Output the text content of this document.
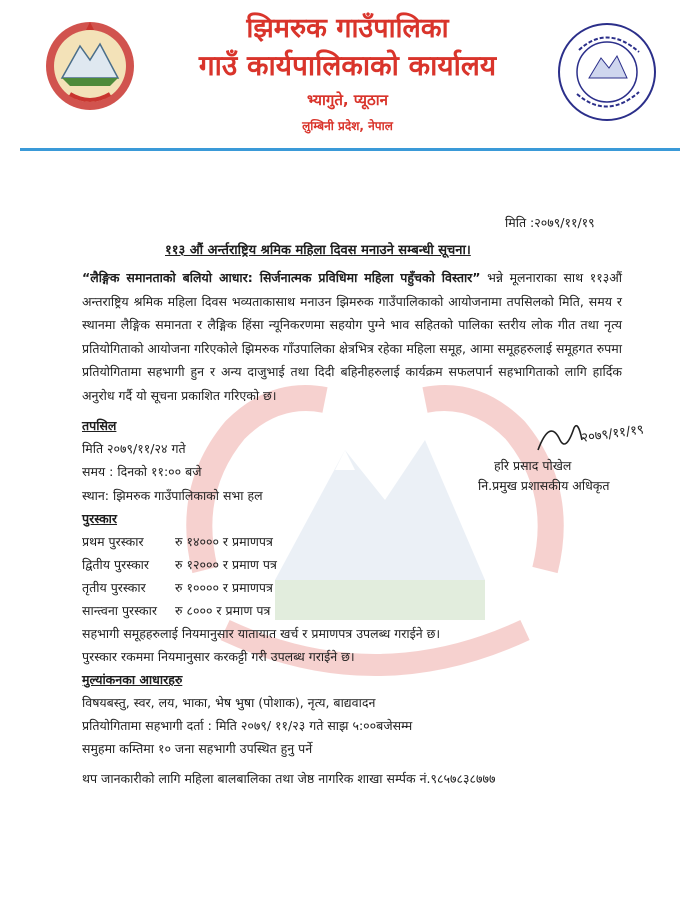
झिमरुक गाउँपालिका
गाउँ कार्यपालिकाको कार्यालय
भ्यागुते, प्यूठान
लुम्बिनी प्रदेश, नेपाल
मिति :२०७९/११/१९
११३ औं अर्न्तराष्ट्रिय श्रमिक महिला दिवस मनाउने सम्बन्धी सूचना।
“लैङ्गिक समानताको बलियो आधार: सिर्जनात्मक प्रविधिमा महिला पहुँचको विस्तार” भन्ने मूलनाराका साथ ११३औं अन्तराष्ट्रिय श्रमिक महिला दिवस भव्यताकासाथ मनाउन झिमरुक गाउँपालिकाको आयोजनामा तपसिलको मिति, समय र स्थानमा लैङ्गिक समानता र लैङ्गिक हिंसा न्यूनिकरणमा सहयोग पुग्ने भाव सहितको पालिका स्तरीय लोक गीत तथा नृत्य प्रतियोगिताको आयोजना गरिएकोले झिमरुक गाँउपालिका क्षेत्रभित्र रहेका महिला समूह, आमा समूहहरुलाई समूहगत रुपमा प्रतियोगितामा सहभागी हुन र अन्य दाजुभाई तथा दिदी बहिनीहरुलाई कार्यक्रम सफलपार्न सहभागिताको लागि हार्दिक अनुरोध गर्दै यो सूचना प्रकाशित गरिएको छ।
तपसिल
मिति २०७९/११/२४ गते
समय : दिनको ११:०० बजे
स्थान: झिमरुक गाउँपालिकाको सभा हल
२०७९/११/१९
हरि प्रसाद पोखेल
नि.प्रमुख प्रशासकीय अधिकृत
पुरस्कार
प्रथम पुरस्कार	रु १४००० र प्रमाणपत्र
द्वितीय पुरस्कार रु १२००० र प्रमाण पत्र
तृतीय पुरस्कार रु १०००० र प्रमाणपत्र
सान्त्वना पुरस्कार रु ८००० र प्रमाण पत्र
सहभागी समूहहरुलाई नियमानुसार यातायात खर्च र प्रमाणपत्र उपलब्ध गराईने छ।
पुरस्कार रकममा नियमानुसार करकट्टी गरी उपलब्ध गराईने छ।
मुल्यांकनका आधारहरु
विषयबस्तु, स्वर, लय, भाका, भेष भुषा (पोशाक), नृत्य, बाद्यवादन
प्रतियोगितामा सहभागी दर्ता : मिति २०७९/ ११/२३ गते साझ ५:००बजेसम्म
समुहमा कम्तिमा १० जना सहभागी उपस्थित हुनु पर्ने
थप जानकारीको लागि महिला बालबालिका तथा जेष्ठ नागरिक शाखा सर्म्पक नं.९८५७८३८७७७
